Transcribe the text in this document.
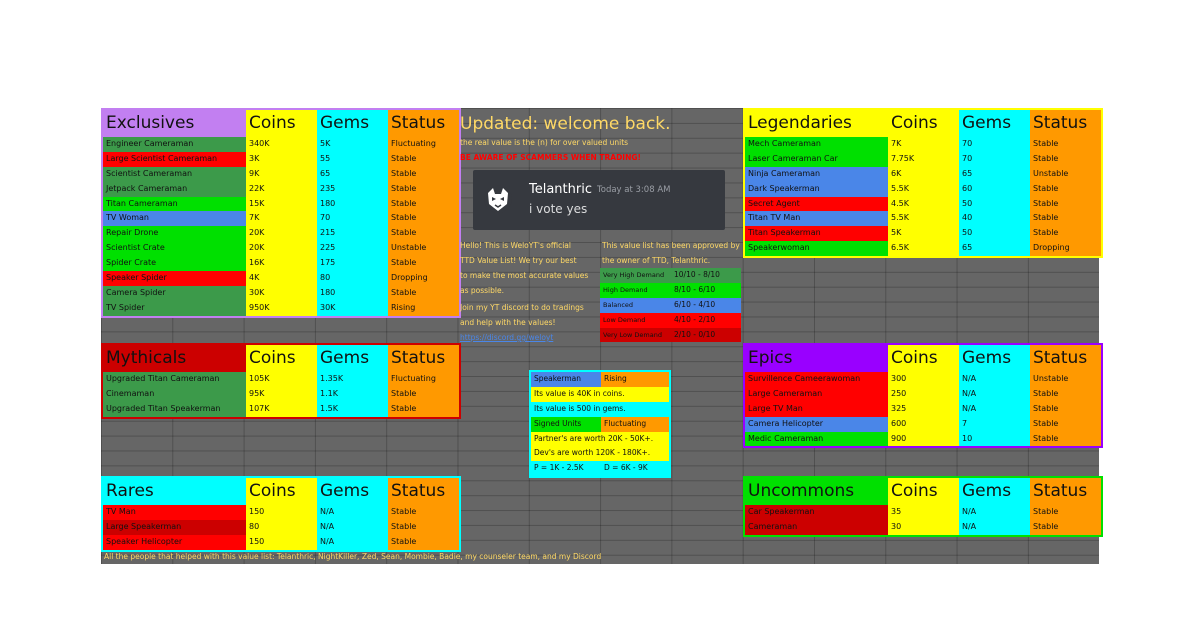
Exclusives	Coins	Gems	Status
Engineer Cameraman	340K	5K	Fluctuating
Large Scientist Cameraman	3K	55	Stable
Scientist Cameraman	9K	65	Stable
Jetpack Cameraman	22K	235	Stable
Titan Cameraman	15K	180	Stable
TV Woman	7K	70	Stable
Repair Drone	20K	215	Stable
Scientist Crate	20K	225	Unstable
Spider Crate	16K	175	Stable
Speaker Spider	4K	80	Dropping
Camera Spider	30K	180	Stable
TV Spider	950K	30K	Rising
Mythicals	Coins	Gems	Status
Upgraded Titan Cameraman	105K	1.35K	Fluctuating
Cinemaman	95K	1.1K	Stable
Upgraded Titan Speakerman	107K	1.5K	Stable
Rares	Coins	Gems	Status
TV Man	150	N/A	Stable
Large Speakerman	80	N/A	Stable
Speaker Helicopter	150	N/A	Stable
Legendaries	Coins	Gems	Status
Mech Cameraman	7K	70	Stable
Laser Cameraman Car	7.75K	70	Stable
Ninja Cameraman	6K	65	Unstable
Dark Speakerman	5.5K	60	Stable
Secret Agent	4.5K	50	Stable
Titan TV Man	5.5K	40	Stable
Titan Speakerman	5K	50	Stable
Speakerwoman	6.5K	65	Dropping
Epics	Coins	Gems	Status
Survillence Cameerawoman	300	N/A	Unstable
Large Cameraman	250	N/A	Stable
Large TV Man	325	N/A	Stable
Camera Helicopter	600	7	Stable
Medic Cameraman	900	10	Stable
Uncommons	Coins	Gems	Status
Car Speakerman	35	N/A	Stable
Cameraman	30	N/A	Stable
Updated: welcome back.
the real value is the (n) for over valued units
BE AWARE OF SCAMMERS WHEN TRADING!
Telanthric Today at 3:08 AM
i vote yes
Hello! This is WeloYT's official
TTD Value List! We try our best
to make the most accurate values
as possible.
Join my YT discord to do tradings
and help with the values!
https://discord.gg/weloyt
This value list has been approved by
the owner of TTD, Telanthric.
Very High Demand	10/10 - 8/10
High Demand	8/10 - 6/10
Balanced	6/10 - 4/10
Low Demand	4/10 - 2/10
Very Low Demand	2/10 - 0/10
Speakerman	Rising
Its value is 40K in coins.
Its value is 500 in gems.
Signed Units	Fluctuating
Partner's are worth 20K - 50K+.
Dev's are worth 120K - 180K+.
P = 1K - 2.5K	D = 6K - 9K
All the people that helped with this value list: Telanthric, NightKiller, Zed, Sean, Mombie, Badie, my counseler team, and my Discord
